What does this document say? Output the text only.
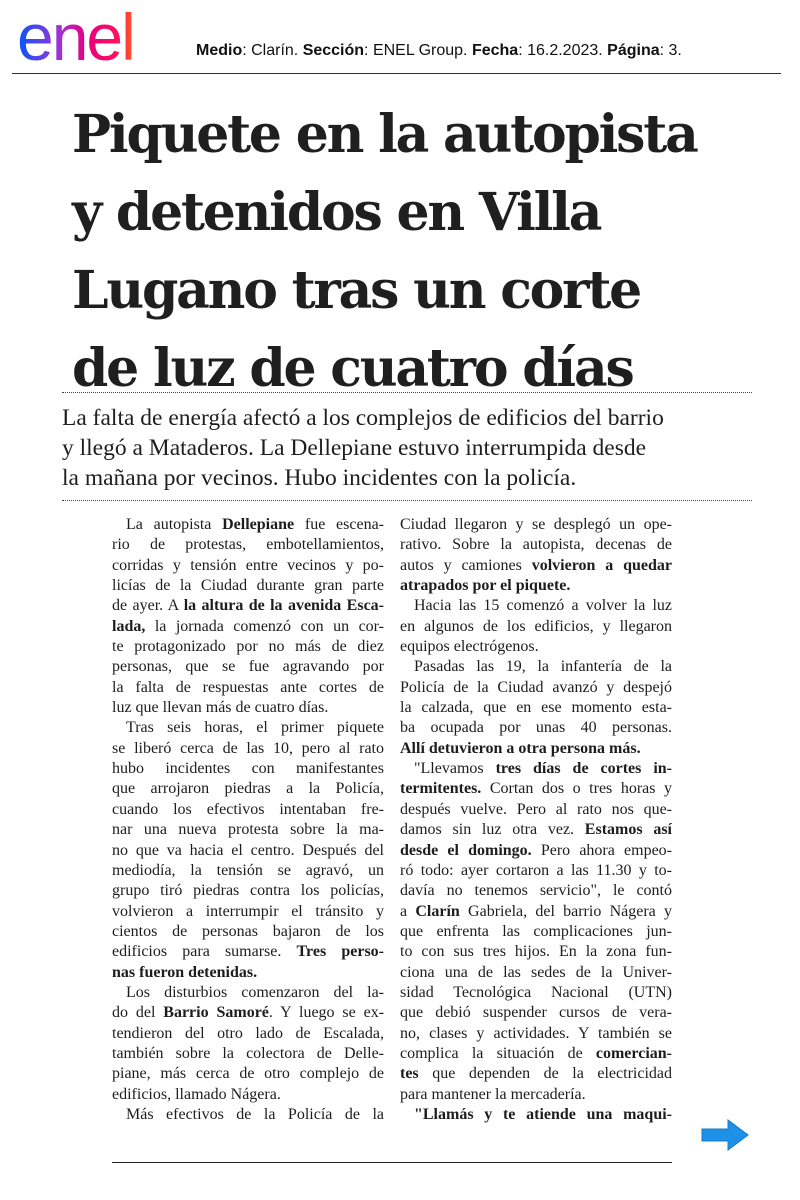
enel	Medio: Clarín. Sección: ENEL Group. Fecha: 16.2.2023. Página: 3.
Piquete en la autopista
y detenidos en Villa
Lugano tras un corte
de luz de cuatro días

La falta de energía afectó a los complejos de edificios del barrio
y llegó a Mataderos. La Dellepiane estuvo interrumpida desde
la mañana por vecinos. Hubo incidentes con la policía.

La autopista Dellepiane fue escena-
rio de protestas, embotellamientos,
corridas y tensión entre vecinos y po-
licías de la Ciudad durante gran parte
de ayer. A la altura de la avenida Esca-
lada, la jornada comenzó con un cor-
te protagonizado por no más de diez
personas, que se fue agravando por
la falta de respuestas ante cortes de
luz que llevan más de cuatro días.
Tras seis horas, el primer piquete
se liberó cerca de las 10, pero al rato
hubo incidentes con manifestantes
que arrojaron piedras a la Policía,
cuando los efectivos intentaban fre-
nar una nueva protesta sobre la ma-
no que va hacia el centro. Después del
mediodía, la tensión se agravó, un
grupo tiró piedras contra los policías,
volvieron a interrumpir el tránsito y
cientos de personas bajaron de los
edificios para sumarse. Tres perso-
nas fueron detenidas.
Los disturbios comenzaron del la-
do del Barrio Samoré. Y luego se ex-
tendieron del otro lado de Escalada,
también sobre la colectora de Delle-
piane, más cerca de otro complejo de
edificios, llamado Nágera.
Más efectivos de la Policía de la
Ciudad llegaron y se desplegó un ope-
rativo. Sobre la autopista, decenas de
autos y camiones volvieron a quedar
atrapados por el piquete.
Hacia las 15 comenzó a volver la luz
en algunos de los edificios, y llegaron
equipos electrógenos.
Pasadas las 19, la infantería de la
Policía de la Ciudad avanzó y despejó
la calzada, que en ese momento esta-
ba ocupada por unas 40 personas.
Allí detuvieron a otra persona más.
"Llevamos tres días de cortes in-
termitentes. Cortan dos o tres horas y
después vuelve. Pero al rato nos que-
damos sin luz otra vez. Estamos así
desde el domingo. Pero ahora empeo-
ró todo: ayer cortaron a las 11.30 y to-
davía no tenemos servicio", le contó
a Clarín Gabriela, del barrio Nágera y
que enfrenta las complicaciones jun-
to con sus tres hijos. En la zona fun-
ciona una de las sedes de la Univer-
sidad Tecnológica Nacional (UTN)
que debió suspender cursos de vera-
no, clases y actividades. Y también se
complica la situación de comercian-
tes que dependen de la electricidad
para mantener la mercadería.
"Llamás y te atiende una maqui-
